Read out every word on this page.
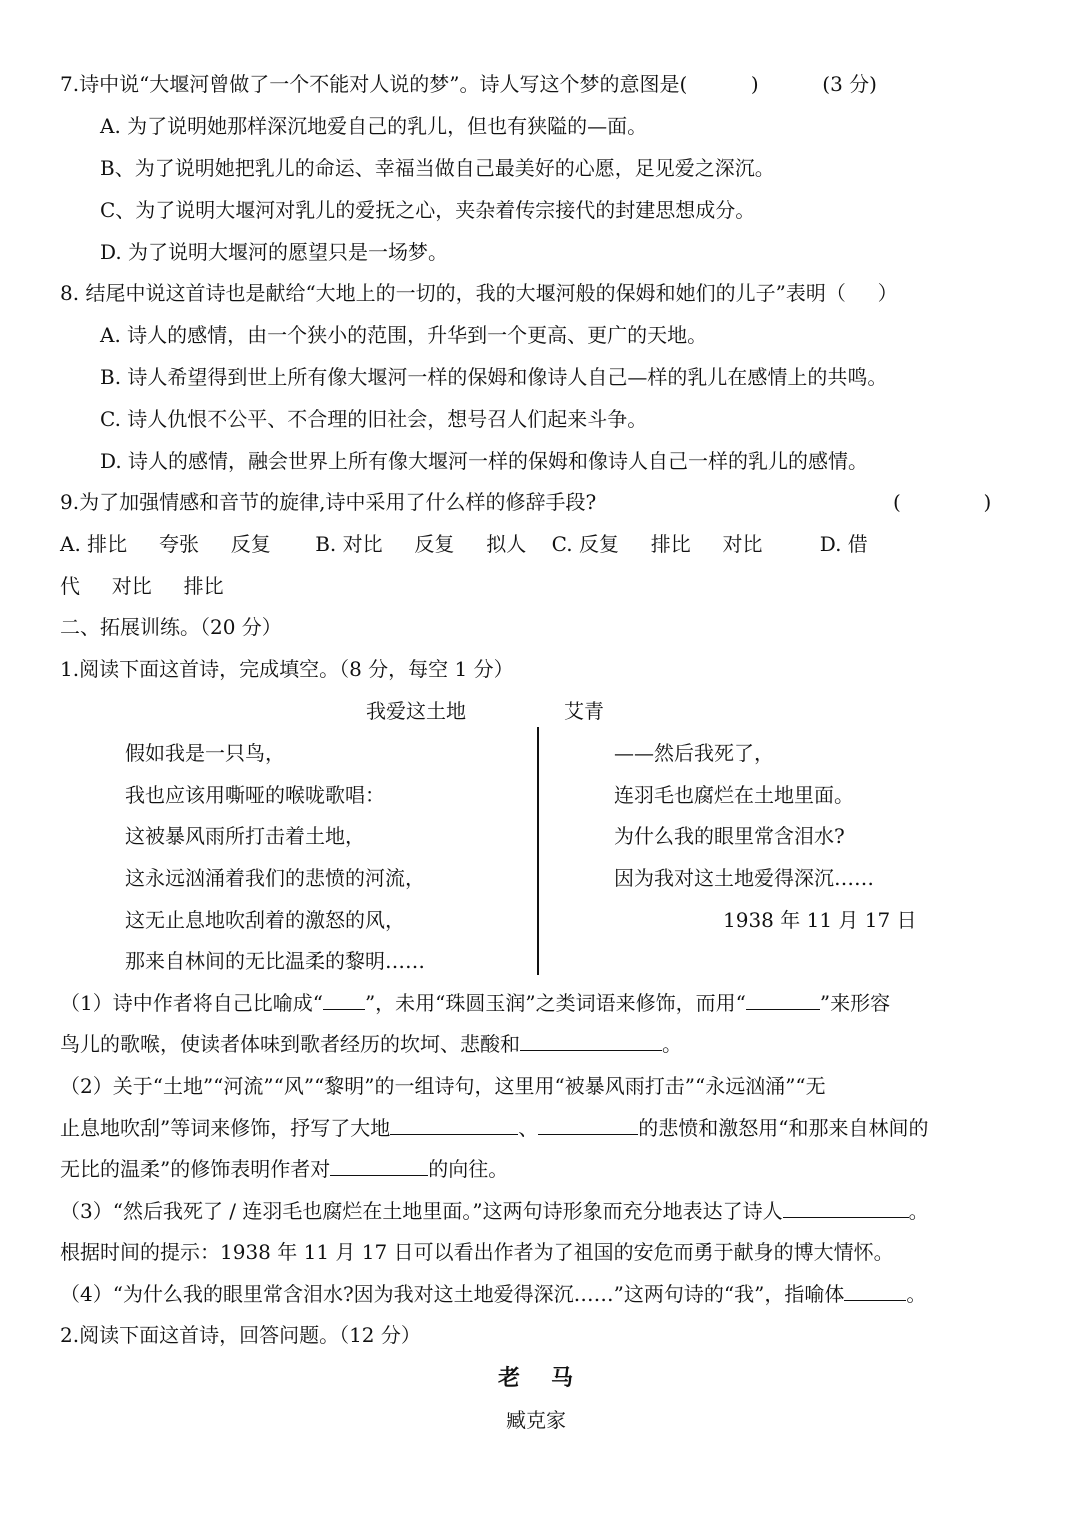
7.诗中说“大堰河曾做了一个不能对人说的梦”。诗人写这个梦的意图是(          )          (3 分)
A. 为了说明她那样深沉地爱自己的乳儿，但也有狭隘的—面。
B、为了说明她把乳儿的命运、幸福当做自己最美好的心愿，足见爱之深沉。
C、为了说明大堰河对乳儿的爱抚之心，夹杂着传宗接代的封建思想成分。
D. 为了说明大堰河的愿望只是一场梦。
8. 结尾中说这首诗也是献给“大地上的一切的，我的大堰河般的保姆和她们的儿子”表明（     ）
A. 诗人的感情，由一个狭小的范围，升华到一个更高、更广的天地。
B. 诗人希望得到世上所有像大堰河一样的保姆和像诗人自己—样的乳儿在感情上的共鸣。
C. 诗人仇恨不公平、不合理的旧社会，想号召人们起来斗争。
D. 诗人的感情，融会世界上所有像大堰河一样的保姆和像诗人自己一样的乳儿的感情。
9.为了加强情感和音节的旋律,诗中采用了什么样的修辞手段?	(             )
A. 排比     夸张     反复       B. 对比     反复     拟人    C. 反复     排比     对比         D. 借
代     对比     排比
二、拓展训练。（20 分）
1.阅读下面这首诗，完成填空。（8 分，每空 1 分）
我爱这土地	艾青
假如我是一只鸟，
我也应该用嘶哑的喉咙歌唱：
这被暴风雨所打击着土地，
这永远汹涌着我们的悲愤的河流，
这无止息地吹刮着的激怒的风，
那来自林间的无比温柔的黎明……
——然后我死了，
连羽毛也腐烂在土地里面。
为什么我的眼里常含泪水?
因为我对这土地爱得深沉……
1938 年 11 月 17 日
（1）诗中作者将自己比喻成“ ”，未用“珠圆玉润”之类词语来修饰，而用“	”来形容
鸟儿的歌喉，使读者体味到歌者经历的坎坷、悲酸和	。
（2）关于“土地”“河流”“风”“黎明”的一组诗句，这里用“被暴风雨打击”“永远汹涌”“无
止息地吹刮”等词来修饰，抒写了大地	、	的悲愤和激怒用“和那来自林间的
无比的温柔”的修饰表明作者对	的向往。
（3）“然后我死了 / 连羽毛也腐烂在土地里面。”这两句诗形象而充分地表达了诗人	。
根据时间的提示：1938 年 11 月 17 日可以看出作者为了祖国的安危而勇于献身的博大情怀。
（4）“为什么我的眼里常含泪水?因为我对这土地爱得深沉……”这两句诗的“我”，指喻体	。
2.阅读下面这首诗，回答问题。（12 分）
老   马
臧克家
